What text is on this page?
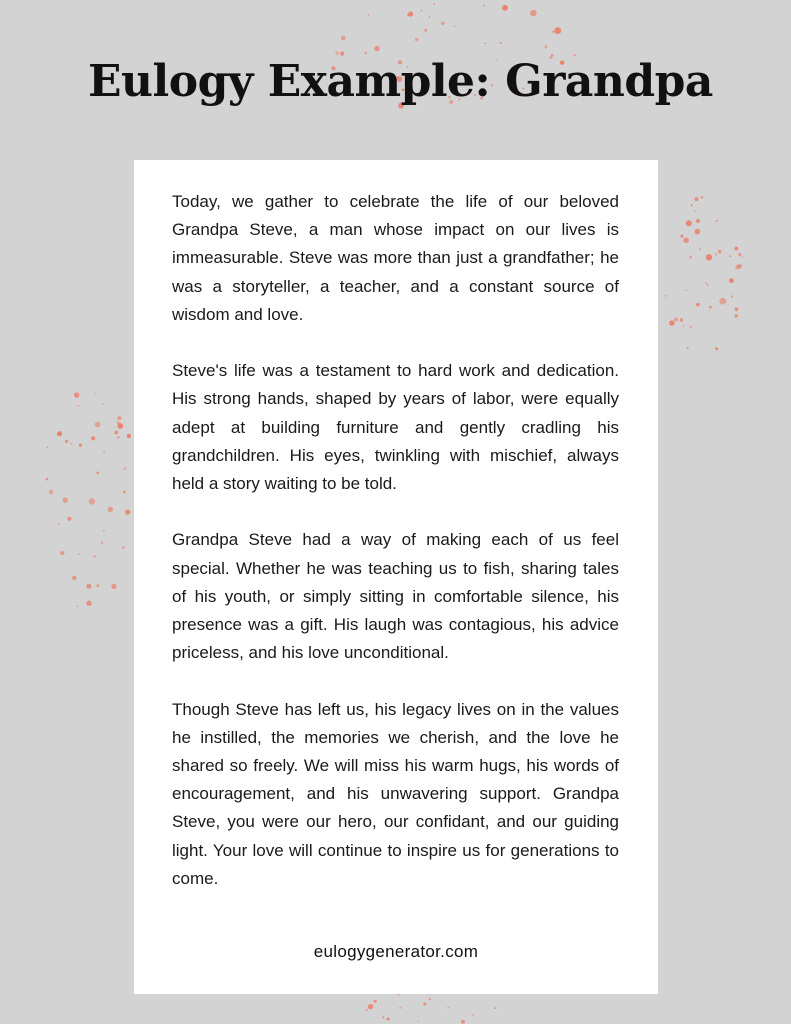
Eulogy Example: Grandpa

Today, we gather to celebrate the life of our beloved Grandpa Steve, a man whose impact on our lives is immeasurable. Steve was more than just a grandfather; he was a storyteller, a teacher, and a constant source of wisdom and love.

Steve's life was a testament to hard work and dedication. His strong hands, shaped by years of labor, were equally adept at building furniture and gently cradling his grandchildren. His eyes, twinkling with mischief, always held a story waiting to be told.

Grandpa Steve had a way of making each of us feel special. Whether he was teaching us to fish, sharing tales of his youth, or simply sitting in comfortable silence, his presence was a gift. His laugh was contagious, his advice priceless, and his love unconditional.

Though Steve has left us, his legacy lives on in the values he instilled, the memories we cherish, and the love he shared so freely. We will miss his warm hugs, his words of encouragement, and his unwavering support. Grandpa Steve, you were our hero, our confidant, and our guiding light. Your love will continue to inspire us for generations to come.

eulogygenerator.com
